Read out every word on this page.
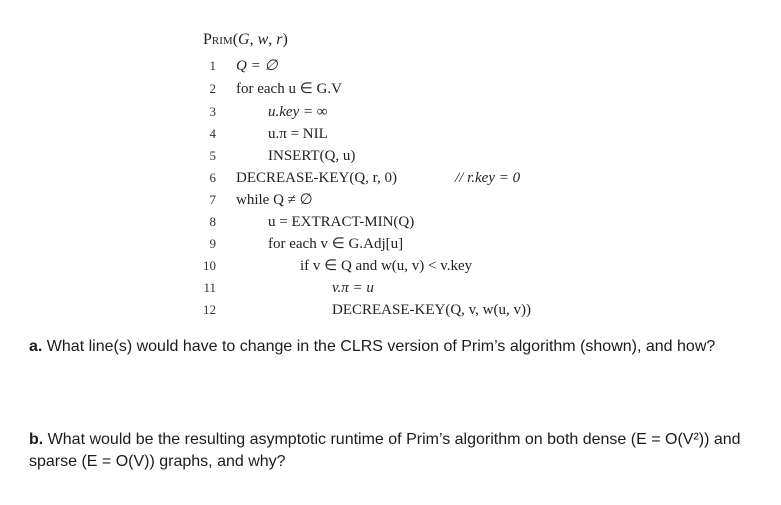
Prim(G, w, r)
1 Q = ∅
2 for each u ∈ G.V
3	u.key = ∞
4	u.π = NIL
5	INSERT(Q, u)
6 DECREASE-KEY(Q, r, 0)	// r.key = 0
7 while Q ≠ ∅
8	u = EXTRACT-MIN(Q)
9	for each v ∈ G.Adj[u]
10	if v ∈ Q and w(u, v) < v.key
11	v.π = u
12	DECREASE-KEY(Q, v, w(u, v))
a. What line(s) would have to change in the CLRS version of Prim’s algorithm (shown), and how?
b. What would be the resulting asymptotic runtime of Prim’s algorithm on both dense (E = O(V²)) and sparse (E = O(V)) graphs, and why?
